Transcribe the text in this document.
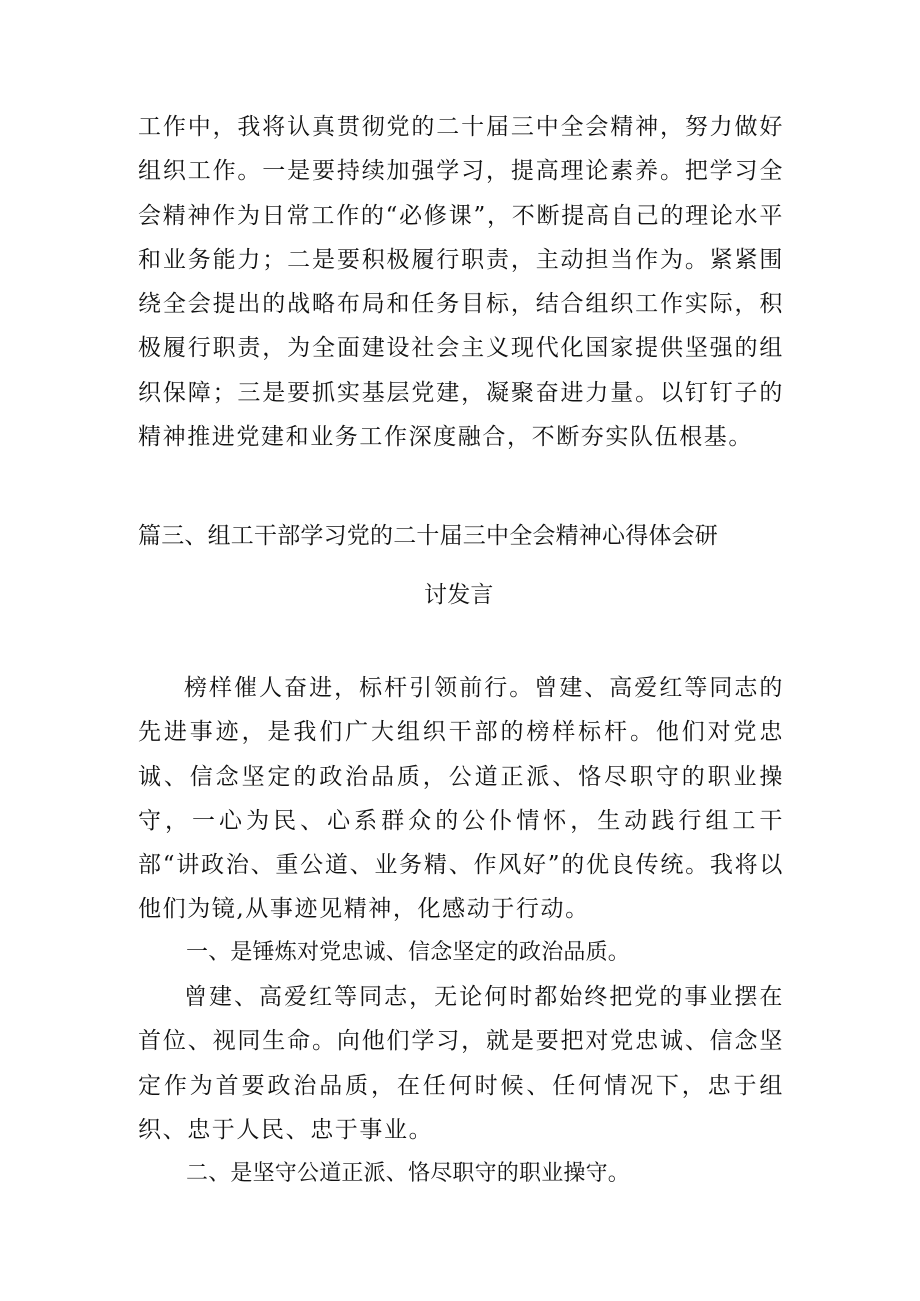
工作中，我将认真贯彻党的二十届三中全会精神，努力做好组织工作。一是要持续加强学习，提高理论素养。把学习全会精神作为日常工作的“必修课”，不断提高自己的理论水平和业务能力；二是要积极履行职责，主动担当作为。紧紧围绕全会提出的战略布局和任务目标，结合组织工作实际，积极履行职责，为全面建设社会主义现代化国家提供坚强的组织保障；三是要抓实基层党建，凝聚奋进力量。以钉钉子的精神推进党建和业务工作深度融合，不断夯实队伍根基。

篇三、组工干部学习党的二十届三中全会精神心得体会研
讨发言

榜样催人奋进，标杆引领前行。曾建、高爱红等同志的先进事迹，是我们广大组织干部的榜样标杆。他们对党忠诚、信念坚定的政治品质，公道正派、恪尽职守的职业操守，一心为民、心系群众的公仆情怀，生动践行组工干部“讲政治、重公道、业务精、作风好”的优良传统。我将以他们为镜,从事迹见精神，化感动于行动。

一、是锤炼对党忠诚、信念坚定的政治品质。

曾建、高爱红等同志，无论何时都始终把党的事业摆在首位、视同生命。向他们学习，就是要把对党忠诚、信念坚定作为首要政治品质，在任何时候、任何情况下，忠于组织、忠于人民、忠于事业。

二、是坚守公道正派、恪尽职守的职业操守。
